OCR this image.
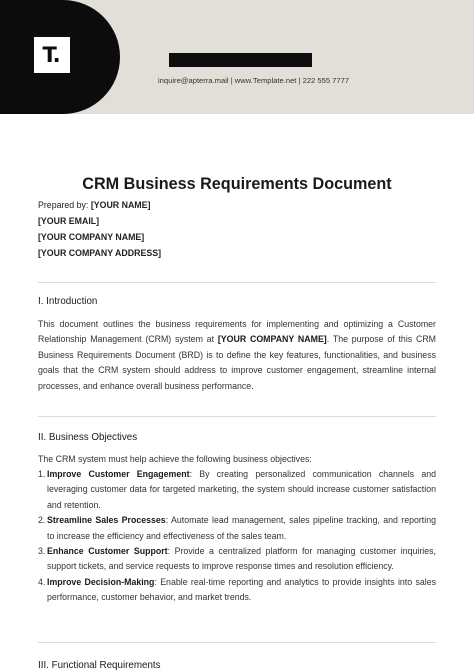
T.
inquire@apterra.mail | www.Template.net | 222 555 7777
CRM Business Requirements Document
Prepared by: [YOUR NAME]
[YOUR EMAIL]
[YOUR COMPANY NAME]
[YOUR COMPANY ADDRESS]
I. Introduction
This document outlines the business requirements for implementing and optimizing a Customer Relationship Management (CRM) system at [YOUR COMPANY NAME]. The purpose of this CRM Business Requirements Document (BRD) is to define the key features, functionalities, and business goals that the CRM system should address to improve customer engagement, streamline internal processes, and enhance overall business performance.
II. Business Objectives
The CRM system must help achieve the following business objectives:
1. Improve Customer Engagement: By creating personalized communication channels and leveraging customer data for targeted marketing, the system should increase customer satisfaction and retention.
2. Streamline Sales Processes: Automate lead management, sales pipeline tracking, and reporting to increase the efficiency and effectiveness of the sales team.
3. Enhance Customer Support: Provide a centralized platform for managing customer inquiries, support tickets, and service requests to improve response times and resolution efficiency.
4. Improve Decision-Making: Enable real-time reporting and analytics to provide insights into sales performance, customer behavior, and market trends.
III. Functional Requirements
